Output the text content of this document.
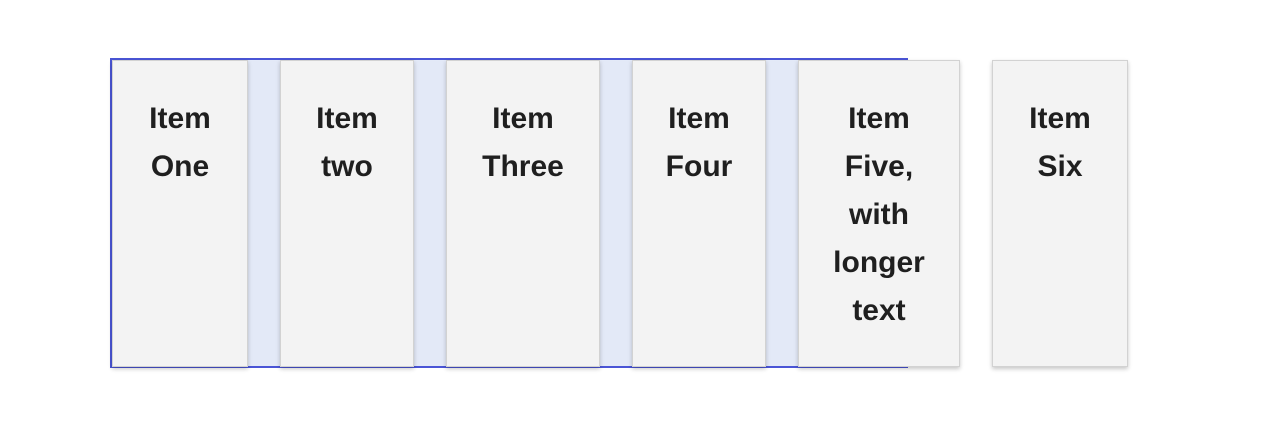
Item
One
Item
two
Item
Three
Item
Four
Item
Five,
with
longer
text
Item
Six
